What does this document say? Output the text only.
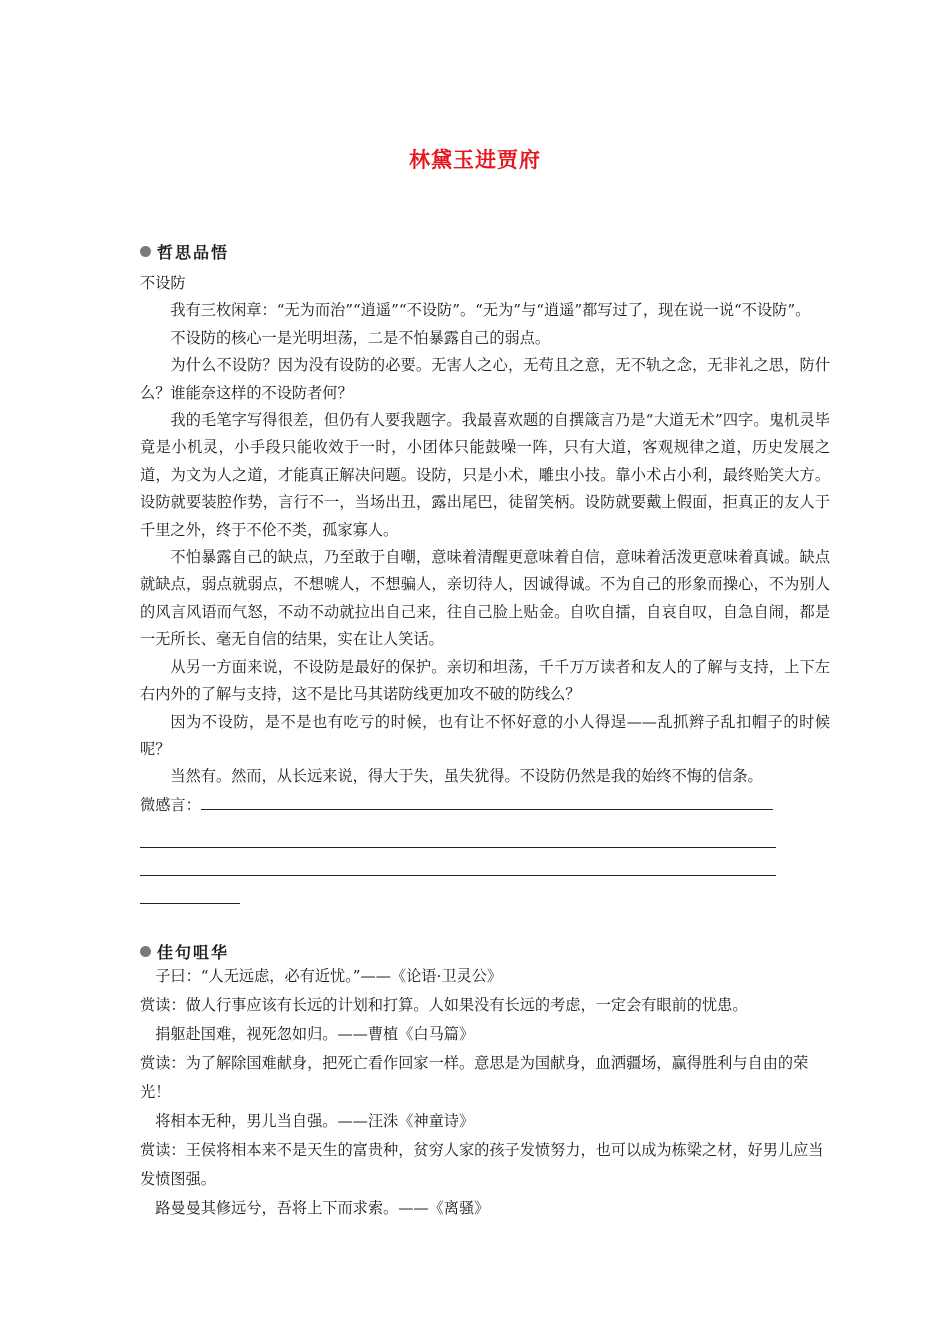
林黛玉进贾府
哲思品悟

不设防

我有三枚闲章：“无为而治”“逍遥”“不设防”。“无为”与“逍遥”都写过了，现在说一说“不设防”。

不设防的核心一是光明坦荡，二是不怕暴露自己的弱点。

为什么不设防？因为没有设防的必要。无害人之心，无苟且之意，无不轨之念，无非礼之思，防什么？谁能奈这样的不设防者何？

我的毛笔字写得很差，但仍有人要我题字。我最喜欢题的自撰箴言乃是“大道无术”四字。鬼机灵毕竟是小机灵，小手段只能收效于一时，小团体只能鼓噪一阵，只有大道，客观规律之道，历史发展之道，为文为人之道，才能真正解决问题。设防，只是小术，雕虫小技。靠小术占小利，最终贻笑大方。设防就要装腔作势，言行不一，当场出丑，露出尾巴，徒留笑柄。设防就要戴上假面，拒真正的友人于千里之外，终于不伦不类，孤家寡人。

不怕暴露自己的缺点，乃至敢于自嘲，意味着清醒更意味着自信，意味着活泼更意味着真诚。缺点就缺点，弱点就弱点，不想唬人，不想骗人，亲切待人，因诚得诚。不为自己的形象而操心，不为别人的风言风语而气怒，不动不动就拉出自己来，往自己脸上贴金。自吹自擂，自哀自叹，自急自闹，都是一无所长、毫无自信的结果，实在让人笑话。

从另一方面来说，不设防是最好的保护。亲切和坦荡，千千万万读者和友人的了解与支持，上下左右内外的了解与支持，这不是比马其诺防线更加攻不破的防线么？

因为不设防，是不是也有吃亏的时候，也有让不怀好意的小人得逞——乱抓辫子乱扣帽子的时候呢？

当然有。然而，从长远来说，得大于失，虽失犹得。不设防仍然是我的始终不悔的信条。

微感言：
佳句咀华

子曰：“人无远虑，必有近忧。”——《论语·卫灵公》

赏读：做人行事应该有长远的计划和打算。人如果没有长远的考虑，一定会有眼前的忧患。

捐躯赴国难，视死忽如归。——曹植《白马篇》

赏读：为了解除国难献身，把死亡看作回家一样。意思是为国献身，血洒疆场，赢得胜利与自由的荣光！

将相本无种，男儿当自强。——汪洙《神童诗》

赏读：王侯将相本来不是天生的富贵种，贫穷人家的孩子发愤努力，也可以成为栋梁之材，好男儿应当发愤图强。

路曼曼其修远兮，吾将上下而求索。——《离骚》
